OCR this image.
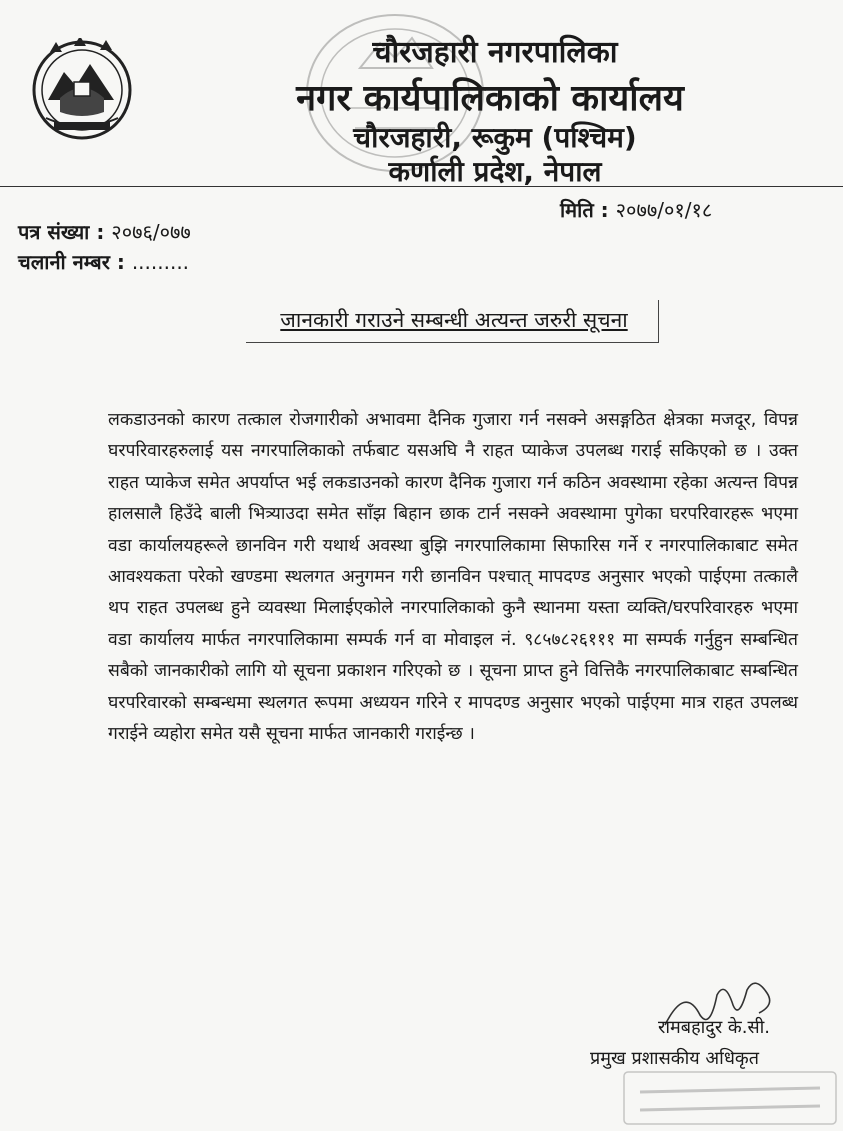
चौरजहारी नगरपालिका
नगर कार्यपालिकाको कार्यालय
चौरजहारी, रूकुम (पश्चिम)
कर्णाली प्रदेश, नेपाल
मिति : २०७७/०१/१८
पत्र संख्या : २०७६/०७७
चलानी नम्बर : .........
जानकारी गराउने सम्बन्धी अत्यन्त जरुरी सूचना
लकडाउनको कारण तत्काल रोजगारीको अभावमा दैनिक गुजारा गर्न नसक्ने असङ्गठित क्षेत्रका मजदूर, विपन्न घरपरिवारहरुलाई यस नगरपालिकाको तर्फबाट यसअघि नै राहत प्याकेज उपलब्ध गराई सकिएको छ । उक्त राहत प्याकेज समेत अपर्याप्त भई लकडाउनको कारण दैनिक गुजारा गर्न कठिन अवस्थामा रहेका अत्यन्त विपन्न हालसालै हिउँदे बाली भित्र्याउदा समेत साँझ बिहान छाक टार्न नसक्ने अवस्थामा पुगेका घरपरिवारहरू भएमा वडा कार्यालयहरूले छानविन गरी यथार्थ अवस्था बुझि नगरपालिकामा सिफारिस गर्ने र नगरपालिकाबाट समेत आवश्यकता परेको खण्डमा स्थलगत अनुगमन गरी छानविन पश्चात् मापदण्ड अनुसार भएको पाईएमा तत्कालै थप राहत उपलब्ध हुने व्यवस्था मिलाईएकोले नगरपालिकाको कुनै स्थानमा यस्ता व्यक्ति/घरपरिवारहरु भएमा वडा कार्यालय मार्फत नगरपालिकामा सम्पर्क गर्न वा मोवाइल नं. ९८५७८२६१११ मा सम्पर्क गर्नुहुन सम्बन्धित सबैको जानकारीको लागि यो सूचना प्रकाशन गरिएको छ । सूचना प्राप्त हुने वित्तिकै नगरपालिकाबाट सम्बन्धित घरपरिवारको सम्बन्धमा स्थलगत रूपमा अध्ययन गरिने र मापदण्ड अनुसार भएको पाईएमा मात्र राहत उपलब्ध गराईने व्यहोरा समेत यसै सूचना मार्फत जानकारी गराईन्छ ।
रामबहादुर के.सी.
प्रमुख प्रशासकीय अधिकृत
